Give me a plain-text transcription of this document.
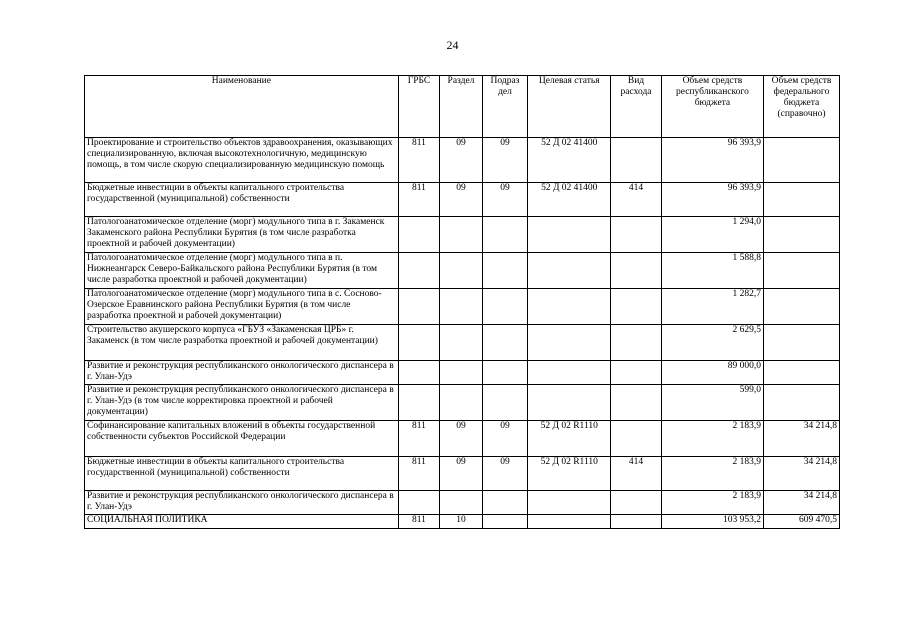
24
Наименование	ГРБС	Раздел	Подраз дел	Целевая статья	Вид расхода	Объем средств республиканского бюджета	Объем средств федерального бюджета (справочно)
Проектирование и строительство объектов здравоохранения, оказывающих специализированную, включая высокотехнологичную, медицинскую помощь, в том числе скорую специализированную медицинскую помощь	811	09	09	52 Д 02 41400		96 393,9	
Бюджетные инвестиции в объекты капитального строительства государственной (муниципальной) собственности	811	09	09	52 Д 02 41400	414	96 393,9	
Патологоанатомическое отделение (морг) модульного типа в г. Закаменск Закаменского района Республики Бурятия (в том числе разработка проектной и рабочей документации)						1 294,0	
Патологоанатомическое отделение (морг) модульного типа в п. Нижнеангарск Северо-Байкальского района Республики Бурятия (в том числе разработка проектной и рабочей документации)						1 588,8	
Патологоанатомическое отделение (морг) модульного типа в с. Сосново-Озерское Еравнинского района Республики Бурятия (в том числе разработка проектной и рабочей документации)						1 282,7	
Строительство акушерского корпуса «ГБУЗ «Закаменская ЦРБ» г. Закаменск (в том числе разработка проектной и рабочей документации)						2 629,5	
Развитие и реконструкция республиканского онкологического диспансера в г. Улан-Удэ						89 000,0	
Развитие и реконструкция республиканского онкологического диспансера в г. Улан-Удэ (в том числе корректировка проектной и рабочей документации)						599,0	
Софинансирование капитальных вложений в объекты государственной собственности субъектов Российской Федерации	811	09	09	52 Д 02 R1110		2 183,9	34 214,8
Бюджетные инвестиции в объекты капитального строительства государственной (муниципальной) собственности	811	09	09	52 Д 02 R1110	414	2 183,9	34 214,8
Развитие и реконструкция республиканского онкологического диспансера в г. Улан-Удэ						2 183,9	34 214,8
СОЦИАЛЬНАЯ ПОЛИТИКА	811	10				103 953,2	609 470,5
